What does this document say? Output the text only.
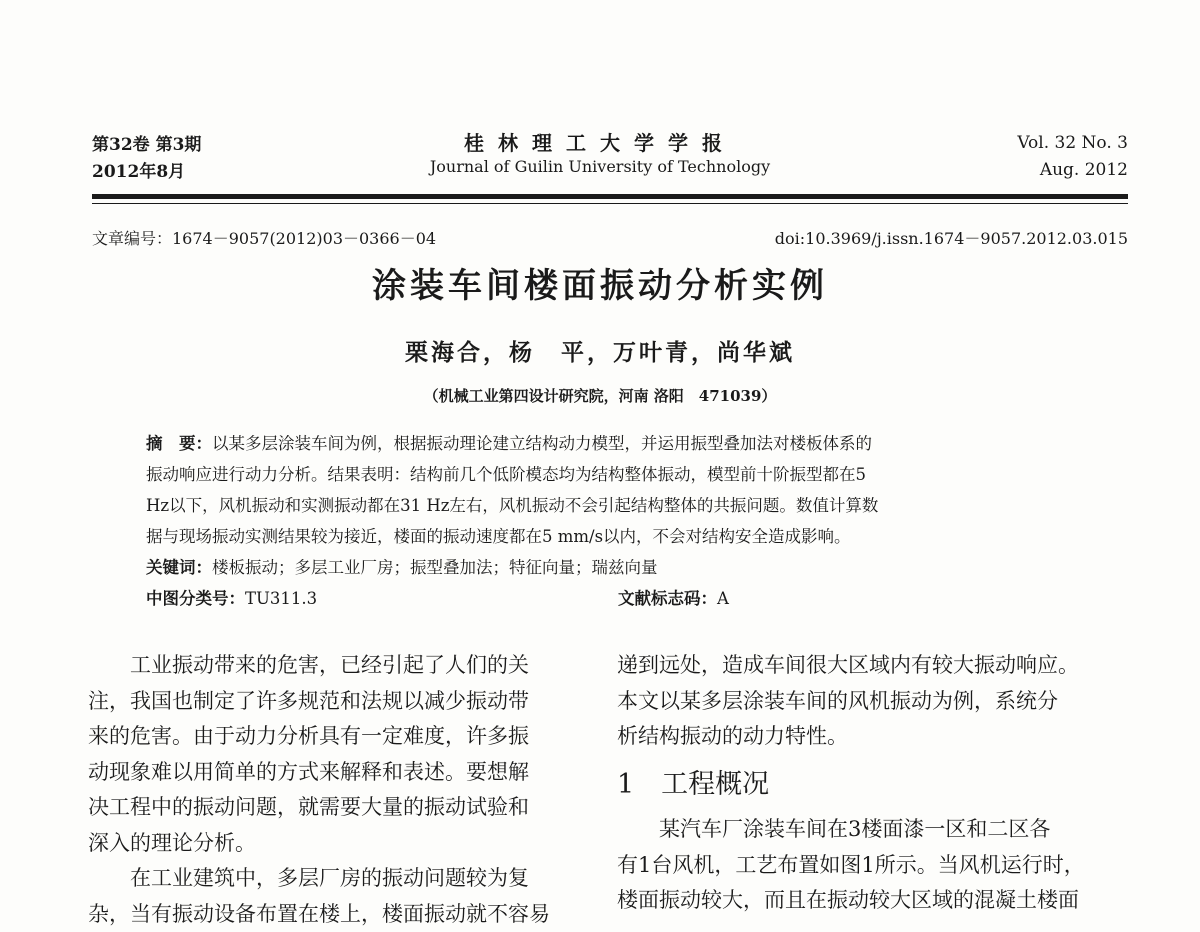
第32卷 第3期
2012年8月
桂林理工大学学报
Journal of Guilin University of Technology
Vol. 32 No. 3
Aug. 2012
文章编号：1674－9057(2012)03－0366－04	doi:10.3969/j.issn.1674－9057.2012.03.015
涂装车间楼面振动分析实例
栗海合，杨　平，万叶青，尚华斌
（机械工业第四设计研究院，河南 洛阳　471039）

摘　要：以某多层涂装车间为例，根据振动理论建立结构动力模型，并运用振型叠加法对楼板体系的

振动响应进行动力分析。结果表明：结构前几个低阶模态均为结构整体振动，模型前十阶振型都在5

Hz以下，风机振动和实测振动都在31 Hz左右，风机振动不会引起结构整体的共振问题。数值计算数

据与现场振动实测结果较为接近，楼面的振动速度都在5 mm/s以内，不会对结构安全造成影响。

关键词：楼板振动；多层工业厂房；振型叠加法；特征向量；瑞兹向量

中图分类号：TU311.3	文献标志码：A

　　工业振动带来的危害，已经引起了人们的关

注，我国也制定了许多规范和法规以减少振动带

来的危害。由于动力分析具有一定难度，许多振

动现象难以用简单的方式来解释和表述。要想解

决工程中的振动问题，就需要大量的振动试验和

深入的理论分析。

　　在工业建筑中，多层厂房的振动问题较为复

杂，当有振动设备布置在楼上，楼面振动就不容易

递到远处，造成车间很大区域内有较大振动响应。

本文以某多层涂装车间的风机振动为例，系统分

析结构振动的动力特性。

1　工程概况

　　某汽车厂涂装车间在3楼面漆一区和二区各

有1台风机，工艺布置如图1所示。当风机运行时，

楼面振动较大，而且在振动较大区域的混凝土楼面
